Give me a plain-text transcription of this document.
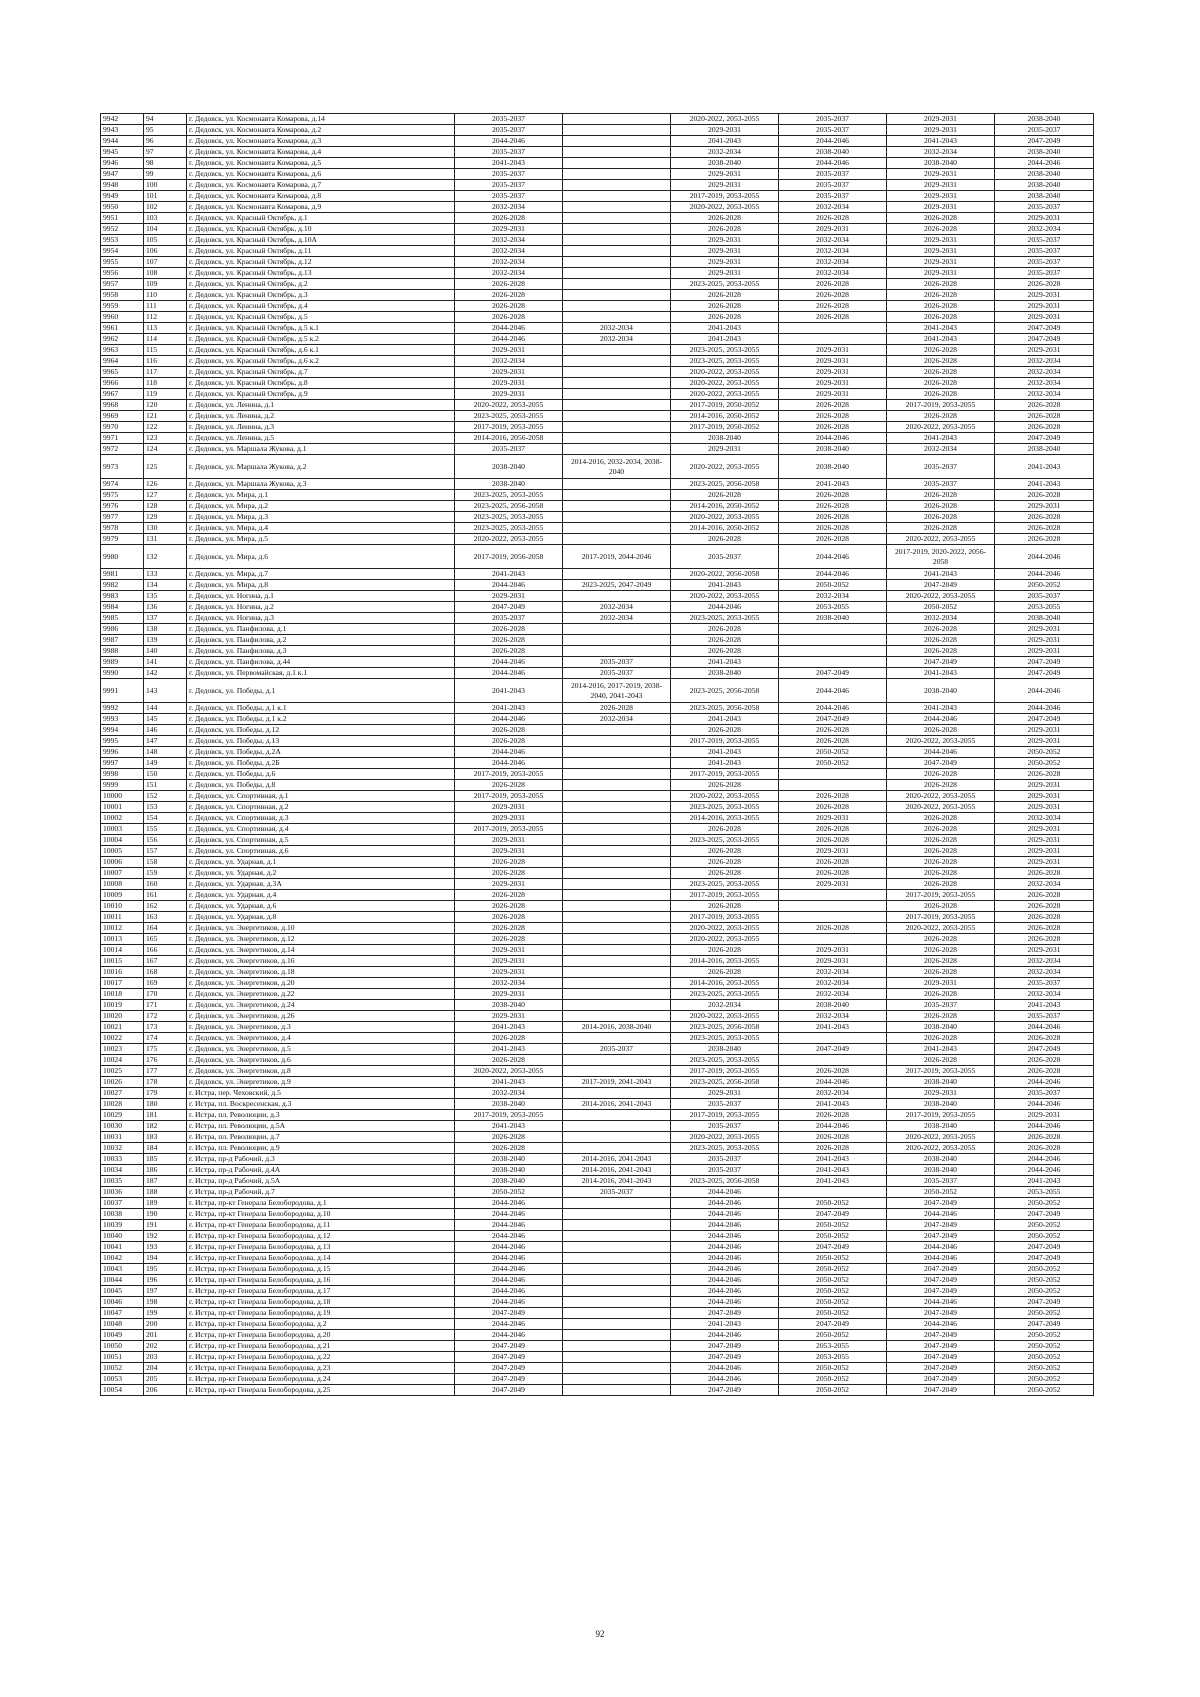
9942	94	г. Дедовск, ул. Космонавта Комарова, д.14	2035-2037		2020-2022, 2053-2055	2035-2037	2029-2031	2038-2040
9943	95	г. Дедовск, ул. Космонавта Комарова, д.2	2035-2037		2029-2031	2035-2037	2029-2031	2035-2037
9944	96	г. Дедовск, ул. Космонавта Комарова, д.3	2044-2046		2041-2043	2044-2046	2041-2043	2047-2049
9945	97	г. Дедовск, ул. Космонавта Комарова, д.4	2035-2037		2032-2034	2038-2040	2032-2034	2038-2040
9946	98	г. Дедовск, ул. Космонавта Комарова, д.5	2041-2043		2038-2040	2044-2046	2038-2040	2044-2046
9947	99	г. Дедовск, ул. Космонавта Комарова, д.6	2035-2037		2029-2031	2035-2037	2029-2031	2038-2040
9948	100	г. Дедовск, ул. Космонавта Комарова, д.7	2035-2037		2029-2031	2035-2037	2029-2031	2038-2040
9949	101	г. Дедовск, ул. Космонавта Комарова, д.8	2035-2037		2017-2019, 2053-2055	2035-2037	2029-2031	2038-2040
9950	102	г. Дедовск, ул. Космонавта Комарова, д.9	2032-2034		2020-2022, 2053-2055	2032-2034	2029-2031	2035-2037
9951	103	г. Дедовск, ул. Красный Октябрь, д.1	2026-2028		2026-2028	2026-2028	2026-2028	2029-2031
9952	104	г. Дедовск, ул. Красный Октябрь, д.10	2029-2031		2026-2028	2029-2031	2026-2028	2032-2034
9953	105	г. Дедовск, ул. Красный Октябрь, д.10А	2032-2034		2029-2031	2032-2034	2029-2031	2035-2037
9954	106	г. Дедовск, ул. Красный Октябрь, д.11	2032-2034		2029-2031	2032-2034	2029-2031	2035-2037
9955	107	г. Дедовск, ул. Красный Октябрь, д.12	2032-2034		2029-2031	2032-2034	2029-2031	2035-2037
9956	108	г. Дедовск, ул. Красный Октябрь, д.13	2032-2034		2029-2031	2032-2034	2029-2031	2035-2037
9957	109	г. Дедовск, ул. Красный Октябрь, д.2	2026-2028		2023-2025, 2053-2055	2026-2028	2026-2028	2026-2028
9958	110	г. Дедовск, ул. Красный Октябрь, д.3	2026-2028		2026-2028	2026-2028	2026-2028	2029-2031
9959	111	г. Дедовск, ул. Красный Октябрь, д.4	2026-2028		2026-2028	2026-2028	2026-2028	2029-2031
9960	112	г. Дедовск, ул. Красный Октябрь, д.5	2026-2028		2026-2028	2026-2028	2026-2028	2029-2031
9961	113	г. Дедовск, ул. Красный Октябрь, д.5 к.1	2044-2046	2032-2034	2041-2043		2041-2043	2047-2049
9962	114	г. Дедовск, ул. Красный Октябрь, д.5 к.2	2044-2046	2032-2034	2041-2043		2041-2043	2047-2049
9963	115	г. Дедовск, ул. Красный Октябрь, д.6 к.1	2029-2031		2023-2025, 2053-2055	2029-2031	2026-2028	2029-2031
9964	116	г. Дедовск, ул. Красный Октябрь, д.6 к.2	2032-2034		2023-2025, 2053-2055	2029-2031	2026-2028	2032-2034
9965	117	г. Дедовск, ул. Красный Октябрь, д.7	2029-2031		2020-2022, 2053-2055	2029-2031	2026-2028	2032-2034
9966	118	г. Дедовск, ул. Красный Октябрь, д.8	2029-2031		2020-2022, 2053-2055	2029-2031	2026-2028	2032-2034
9967	119	г. Дедовск, ул. Красный Октябрь, д.9	2029-2031		2020-2022, 2053-2055	2029-2031	2026-2028	2032-2034
9968	120	г. Дедовск, ул. Ленина, д.1	2020-2022, 2053-2055		2017-2019, 2050-2052	2026-2028	2017-2019, 2053-2055	2026-2028
9969	121	г. Дедовск, ул. Ленина, д.2	2023-2025, 2053-2055		2014-2016, 2050-2052	2026-2028	2026-2028	2026-2028
9970	122	г. Дедовск, ул. Ленина, д.3	2017-2019, 2053-2055		2017-2019, 2050-2052	2026-2028	2020-2022, 2053-2055	2026-2028
9971	123	г. Дедовск, ул. Ленина, д.5	2014-2016, 2056-2058		2038-2040	2044-2046	2041-2043	2047-2049
9972	124	г. Дедовск, ул. Маршала Жукова, д.1	2035-2037		2029-2031	2038-2040	2032-2034	2038-2040
9973	125	г. Дедовск, ул. Маршала Жукова, д.2	2038-2040	2014-2016, 2032-2034, 2038-2040	2020-2022, 2053-2055	2038-2040	2035-2037	2041-2043
9974	126	г. Дедовск, ул. Маршала Жукова, д.3	2038-2040		2023-2025, 2056-2058	2041-2043	2035-2037	2041-2043
9975	127	г. Дедовск, ул. Мира, д.1	2023-2025, 2053-2055		2026-2028	2026-2028	2026-2028	2026-2028
9976	128	г. Дедовск, ул. Мира, д.2	2023-2025, 2056-2058		2014-2016, 2050-2052	2026-2028	2026-2028	2029-2031
9977	129	г. Дедовск, ул. Мира, д.3	2023-2025, 2053-2055		2020-2022, 2053-2055	2026-2028	2026-2028	2026-2028
9978	130	г. Дедовск, ул. Мира, д.4	2023-2025, 2053-2055		2014-2016, 2050-2052	2026-2028	2026-2028	2026-2028
9979	131	г. Дедовск, ул. Мира, д.5	2020-2022, 2053-2055		2026-2028	2026-2028	2020-2022, 2053-2055	2026-2028
9980	132	г. Дедовск, ул. Мира, д.6	2017-2019, 2056-2058	2017-2019, 2044-2046	2035-2037	2044-2046	2017-2019, 2020-2022, 2056-2058	2044-2046
9981	133	г. Дедовск, ул. Мира, д.7	2041-2043		2020-2022, 2056-2058	2044-2046	2041-2043	2044-2046
9982	134	г. Дедовск, ул. Мира, д.8	2044-2046	2023-2025, 2047-2049	2041-2043	2050-2052	2047-2049	2050-2052
9983	135	г. Дедовск, ул. Ногина, д.1	2029-2031		2020-2022, 2053-2055	2032-2034	2020-2022, 2053-2055	2035-2037
9984	136	г. Дедовск, ул. Ногина, д.2	2047-2049	2032-2034	2044-2046	2053-2055	2050-2052	2053-2055
9985	137	г. Дедовск, ул. Ногина, д.3	2035-2037	2032-2034	2023-2025, 2053-2055	2038-2040	2032-2034	2038-2040
9986	138	г. Дедовск, ул. Панфилова, д.1	2026-2028		2026-2028		2026-2028	2029-2031
9987	139	г. Дедовск, ул. Панфилова, д.2	2026-2028		2026-2028		2026-2028	2029-2031
9988	140	г. Дедовск, ул. Панфилова, д.3	2026-2028		2026-2028		2026-2028	2029-2031
9989	141	г. Дедовск, ул. Панфилова, д.44	2044-2046	2035-2037	2041-2043		2047-2049	2047-2049
9990	142	г. Дедовск, ул. Первомайская, д.1 к.1	2044-2046	2035-2037	2038-2040	2047-2049	2041-2043	2047-2049
9991	143	г. Дедовск, ул. Победы, д.1	2041-2043	2014-2016, 2017-2019, 2038-2040, 2041-2043	2023-2025, 2056-2058	2044-2046	2038-2040	2044-2046
9992	144	г. Дедовск, ул. Победы, д.1 к.1	2041-2043	2026-2028	2023-2025, 2056-2058	2044-2046	2041-2043	2044-2046
9993	145	г. Дедовск, ул. Победы, д.1 к.2	2044-2046	2032-2034	2041-2043	2047-2049	2044-2046	2047-2049
9994	146	г. Дедовск, ул. Победы, д.12	2026-2028		2026-2028	2026-2028	2026-2028	2029-2031
9995	147	г. Дедовск, ул. Победы, д.13	2026-2028		2017-2019, 2053-2055	2026-2028	2020-2022, 2053-2055	2029-2031
9996	148	г. Дедовск, ул. Победы, д.2А	2044-2046		2041-2043	2050-2052	2044-2046	2050-2052
9997	149	г. Дедовск, ул. Победы, д.2Б	2044-2046		2041-2043	2050-2052	2047-2049	2050-2052
9998	150	г. Дедовск, ул. Победы, д.6	2017-2019, 2053-2055		2017-2019, 2053-2055		2026-2028	2026-2028
9999	151	г. Дедовск, ул. Победы, д.8	2026-2028		2026-2028		2026-2028	2029-2031
10000	152	г. Дедовск, ул. Спортивная, д.1	2017-2019, 2053-2055		2020-2022, 2053-2055	2026-2028	2020-2022, 2053-2055	2029-2031
10001	153	г. Дедовск, ул. Спортивная, д.2	2029-2031		2023-2025, 2053-2055	2026-2028	2020-2022, 2053-2055	2029-2031
10002	154	г. Дедовск, ул. Спортивная, д.3	2029-2031		2014-2016, 2053-2055	2029-2031	2026-2028	2032-2034
10003	155	г. Дедовск, ул. Спортивная, д.4	2017-2019, 2053-2055		2026-2028	2026-2028	2026-2028	2029-2031
10004	156	г. Дедовск, ул. Спортивная, д.5	2029-2031		2023-2025, 2053-2055	2026-2028	2026-2028	2029-2031
10005	157	г. Дедовск, ул. Спортивная, д.6	2029-2031		2026-2028	2029-2031	2026-2028	2029-2031
10006	158	г. Дедовск, ул. Ударная, д.1	2026-2028		2026-2028	2026-2028	2026-2028	2029-2031
10007	159	г. Дедовск, ул. Ударная, д.2	2026-2028		2026-2028	2026-2028	2026-2028	2026-2028
10008	160	г. Дедовск, ул. Ударная, д.3А	2029-2031		2023-2025, 2053-2055	2029-2031	2026-2028	2032-2034
10009	161	г. Дедовск, ул. Ударная, д.4	2026-2028		2017-2019, 2053-2055		2017-2019, 2053-2055	2026-2028
10010	162	г. Дедовск, ул. Ударная, д.6	2026-2028		2026-2028		2026-2028	2026-2028
10011	163	г. Дедовск, ул. Ударная, д.8	2026-2028		2017-2019, 2053-2055		2017-2019, 2053-2055	2026-2028
10012	164	г. Дедовск, ул. Энергетиков, д.10	2026-2028		2020-2022, 2053-2055	2026-2028	2020-2022, 2053-2055	2026-2028
10013	165	г. Дедовск, ул. Энергетиков, д.12	2026-2028		2020-2022, 2053-2055		2026-2028	2026-2028
10014	166	г. Дедовск, ул. Энергетиков, д.14	2029-2031		2026-2028	2029-2031	2026-2028	2029-2031
10015	167	г. Дедовск, ул. Энергетиков, д.16	2029-2031		2014-2016, 2053-2055	2029-2031	2026-2028	2032-2034
10016	168	г. Дедовск, ул. Энергетиков, д.18	2029-2031		2026-2028	2032-2034	2026-2028	2032-2034
10017	169	г. Дедовск, ул. Энергетиков, д.20	2032-2034		2014-2016, 2053-2055	2032-2034	2029-2031	2035-2037
10018	170	г. Дедовск, ул. Энергетиков, д.22	2029-2031		2023-2025, 2053-2055	2032-2034	2026-2028	2032-2034
10019	171	г. Дедовск, ул. Энергетиков, д.24	2038-2040		2032-2034	2038-2040	2035-2037	2041-2043
10020	172	г. Дедовск, ул. Энергетиков, д.26	2029-2031		2020-2022, 2053-2055	2032-2034	2026-2028	2035-2037
10021	173	г. Дедовск, ул. Энергетиков, д.3	2041-2043	2014-2016, 2038-2040	2023-2025, 2056-2058	2041-2043	2038-2040	2044-2046
10022	174	г. Дедовск, ул. Энергетиков, д.4	2026-2028		2023-2025, 2053-2055		2026-2028	2026-2028
10023	175	г. Дедовск, ул. Энергетиков, д.5	2041-2043	2035-2037	2038-2040	2047-2049	2041-2043	2047-2049
10024	176	г. Дедовск, ул. Энергетиков, д.6	2026-2028		2023-2025, 2053-2055		2026-2028	2026-2028
10025	177	г. Дедовск, ул. Энергетиков, д.8	2020-2022, 2053-2055		2017-2019, 2053-2055	2026-2028	2017-2019, 2053-2055	2026-2028
10026	178	г. Дедовск, ул. Энергетиков, д.9	2041-2043	2017-2019, 2041-2043	2023-2025, 2056-2058	2044-2046	2038-2040	2044-2046
10027	179	г. Истра, пер. Чеховский, д.5	2032-2034		2029-2031	2032-2034	2029-2031	2035-2037
10028	180	г. Истра, пл. Воскресенская, д.3	2038-2040	2014-2016, 2041-2043	2035-2037	2041-2043	2038-2040	2044-2046
10029	181	г. Истра, пл. Революции, д.3	2017-2019, 2053-2055		2017-2019, 2053-2055	2026-2028	2017-2019, 2053-2055	2029-2031
10030	182	г. Истра, пл. Революции, д.5А	2041-2043		2035-2037	2044-2046	2038-2040	2044-2046
10031	183	г. Истра, пл. Революции, д.7	2026-2028		2020-2022, 2053-2055	2026-2028	2020-2022, 2053-2055	2026-2028
10032	184	г. Истра, пл. Революции, д.9	2026-2028		2023-2025, 2053-2055	2026-2028	2020-2022, 2053-2055	2026-2028
10033	185	г. Истра, пр-д Рабочий, д.3	2038-2040	2014-2016, 2041-2043	2035-2037	2041-2043	2038-2040	2044-2046
10034	186	г. Истра, пр-д Рабочий, д.4А	2038-2040	2014-2016, 2041-2043	2035-2037	2041-2043	2038-2040	2044-2046
10035	187	г. Истра, пр-д Рабочий, д.5А	2038-2040	2014-2016, 2041-2043	2023-2025, 2056-2058	2041-2043	2035-2037	2041-2043
10036	188	г. Истра, пр-д Рабочий, д.7	2050-2052	2035-2037	2044-2046		2050-2052	2053-2055
10037	189	г. Истра, пр-кт Генерала Белобородова, д.1	2044-2046		2044-2046	2050-2052	2047-2049	2050-2052
10038	190	г. Истра, пр-кт Генерала Белобородова, д.10	2044-2046		2044-2046	2047-2049	2044-2046	2047-2049
10039	191	г. Истра, пр-кт Генерала Белобородова, д.11	2044-2046		2044-2046	2050-2052	2047-2049	2050-2052
10040	192	г. Истра, пр-кт Генерала Белобородова, д.12	2044-2046		2044-2046	2050-2052	2047-2049	2050-2052
10041	193	г. Истра, пр-кт Генерала Белобородова, д.13	2044-2046		2044-2046	2047-2049	2044-2046	2047-2049
10042	194	г. Истра, пр-кт Генерала Белобородова, д.14	2044-2046		2044-2046	2050-2052	2044-2046	2047-2049
10043	195	г. Истра, пр-кт Генерала Белобородова, д.15	2044-2046		2044-2046	2050-2052	2047-2049	2050-2052
10044	196	г. Истра, пр-кт Генерала Белобородова, д.16	2044-2046		2044-2046	2050-2052	2047-2049	2050-2052
10045	197	г. Истра, пр-кт Генерала Белобородова, д.17	2044-2046		2044-2046	2050-2052	2047-2049	2050-2052
10046	198	г. Истра, пр-кт Генерала Белобородова, д.18	2044-2046		2044-2046	2050-2052	2044-2046	2047-2049
10047	199	г. Истра, пр-кт Генерала Белобородова, д.19	2047-2049		2047-2049	2050-2052	2047-2049	2050-2052
10048	200	г. Истра, пр-кт Генерала Белобородова, д.2	2044-2046		2041-2043	2047-2049	2044-2046	2047-2049
10049	201	г. Истра, пр-кт Генерала Белобородова, д.20	2044-2046		2044-2046	2050-2052	2047-2049	2050-2052
10050	202	г. Истра, пр-кт Генерала Белобородова, д.21	2047-2049		2047-2049	2053-2055	2047-2049	2050-2052
10051	203	г. Истра, пр-кт Генерала Белобородова, д.22	2047-2049		2047-2049	2053-2055	2047-2049	2050-2052
10052	204	г. Истра, пр-кт Генерала Белобородова, д.23	2047-2049		2044-2046	2050-2052	2047-2049	2050-2052
10053	205	г. Истра, пр-кт Генерала Белобородова, д.24	2047-2049		2044-2046	2050-2052	2047-2049	2050-2052
10054	206	г. Истра, пр-кт Генерала Белобородова, д.25	2047-2049		2047-2049	2050-2052	2047-2049	2050-2052
92
